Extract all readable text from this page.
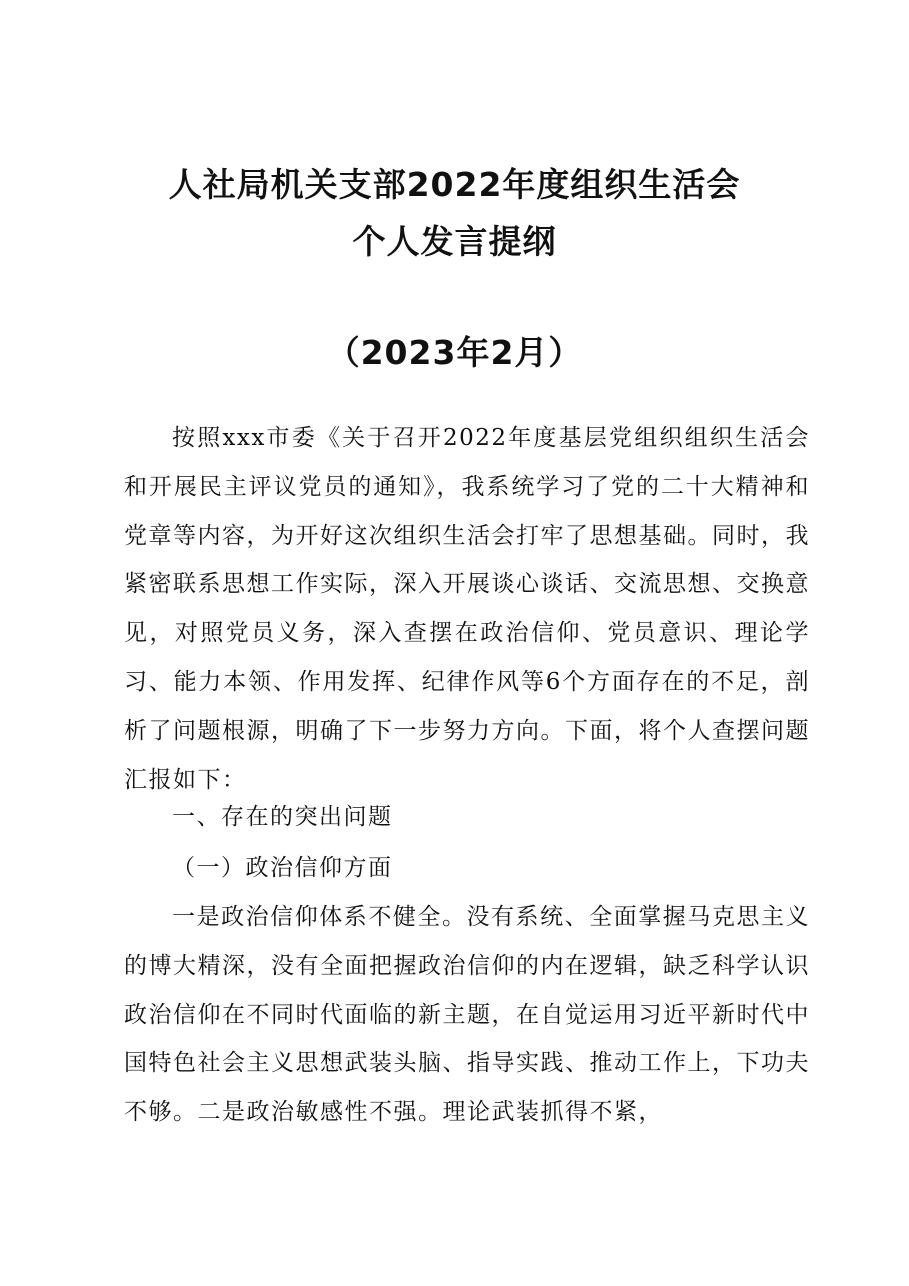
人社局机关支部2022年度组织生活会
个人发言提纲
（2023年2月）
按照xxx市委《关于召开2022年度基层党组织组织生活会和开展民主评议党员的通知》，我系统学习了党的二十大精神和党章等内容，为开好这次组织生活会打牢了思想基础。同时，我紧密联系思想工作实际，深入开展谈心谈话、交流思想、交换意见，对照党员义务，深入查摆在政治信仰、党员意识、理论学习、能力本领、作用发挥、纪律作风等6个方面存在的不足，剖析了问题根源，明确了下一步努力方向。下面，将个人查摆问题汇报如下：
一、存在的突出问题
（一）政治信仰方面
一是政治信仰体系不健全。没有系统、全面掌握马克思主义的博大精深，没有全面把握政治信仰的内在逻辑，缺乏科学认识政治信仰在不同时代面临的新主题，在自觉运用习近平新时代中国特色社会主义思想武装头脑、指导实践、推动工作上，下功夫不够。二是政治敏感性不强。理论武装抓得不紧，
